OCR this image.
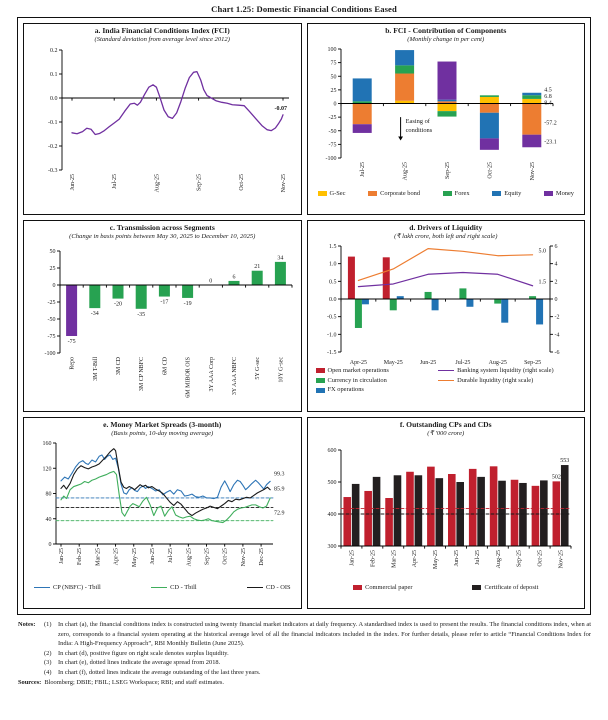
Chart 1.25: Domestic Financial Conditions Eased
a. India Financial Conditions Index (FCI)
(Standard deviation from average level since 2012)
0.2
0.1
0.0
-0.1
-0.2
-0.3
-0.07
Jun-25	Jul-25	Aug-25	Sep-25	Oct-25	Nov-25
b. FCI - Contribution of Components
(Monthly change in per cent)
100
75
50
25
0
-25
-50
-75
-100
4.5
6.8
8.4
-57.2
-23.1
Easing of
conditions
Jul-25	Aug-25	Sep-25	Oct-25	Nov-25
G-Sec	Corporate bond	Forex	Equity	Money
c. Transmission across Segments
(Change in basis points between May 30, 2025 to December 10, 2025)
50
25
0
-25
-50
-75
-100
-75
-34
-20
-35
-17	-19
0
6
21
34
Repo	3M T-Bill	3M CD	3M CP NBFC	6M CD	6M MIBOR OIS	3Y AAA Corp	3Y AAA NBFC	5Y G-sec	10Y G-sec
d. Drivers of Liquidity
(₹ lakh crore, both left and right scale)
1.5
1.0
0.5
0.0
-0.5
-1.0
-1.5
6
4
2
0
-2
-4
-6
5.0
1.5
Apr-25	May-25	Jun-25	Jul-25	Aug-25	Sep-25
Open market operations
Currency in circulation
FX operations
Banking system liquidity (right scale)
Durable liquidity (right scale)
e. Money Market Spreads (3-month)
(Basis points, 10-day moving average)
160
120
80
40
0
99.3
72.9
85.9
Jan-25 Feb-25 Mar-25 Apr-25 May-25 Jun-25 Jul-25 Aug-25 Sep-25 Oct-25 Nov-25 Dec-25
CP (NBFC) - Tbill	CD - Tbill	CD - OIS
f. Outstanding CPs and CDs
(₹ '000 crore)
600
500
400
300
502
553
Jan-25 Feb-25 Mar-25 Apr-25 May-25 Jun-25 Jul-25 Aug-25 Sep-25 Oct-25 Nov-25
Commercial paper	Certificate of deposit
Notes:	(1)	In chart (a), the financial conditions index is constructed using twenty financial market indicators at daily frequency. A standardised index is used to present the results. The financial conditions index, when at zero, corresponds to a financial system operating at the historical average level of all the financial indicators included in the index. For further details, please refer to article “Financial Conditions Index for India: A High-Frequency Approach”, RBI Monthly Bulletin (June 2025).
(2)	In chart (d), positive figure on right scale denotes surplus liquidity.
(3)	In chart (e), dotted lines indicate the average spread from 2018.
(4)	In chart (f), dotted lines indicate the average outstanding of the last three years.
Sources: Bloomberg; DBIE; FBIL; LSEG Workspace; RBI; and staff estimates.
